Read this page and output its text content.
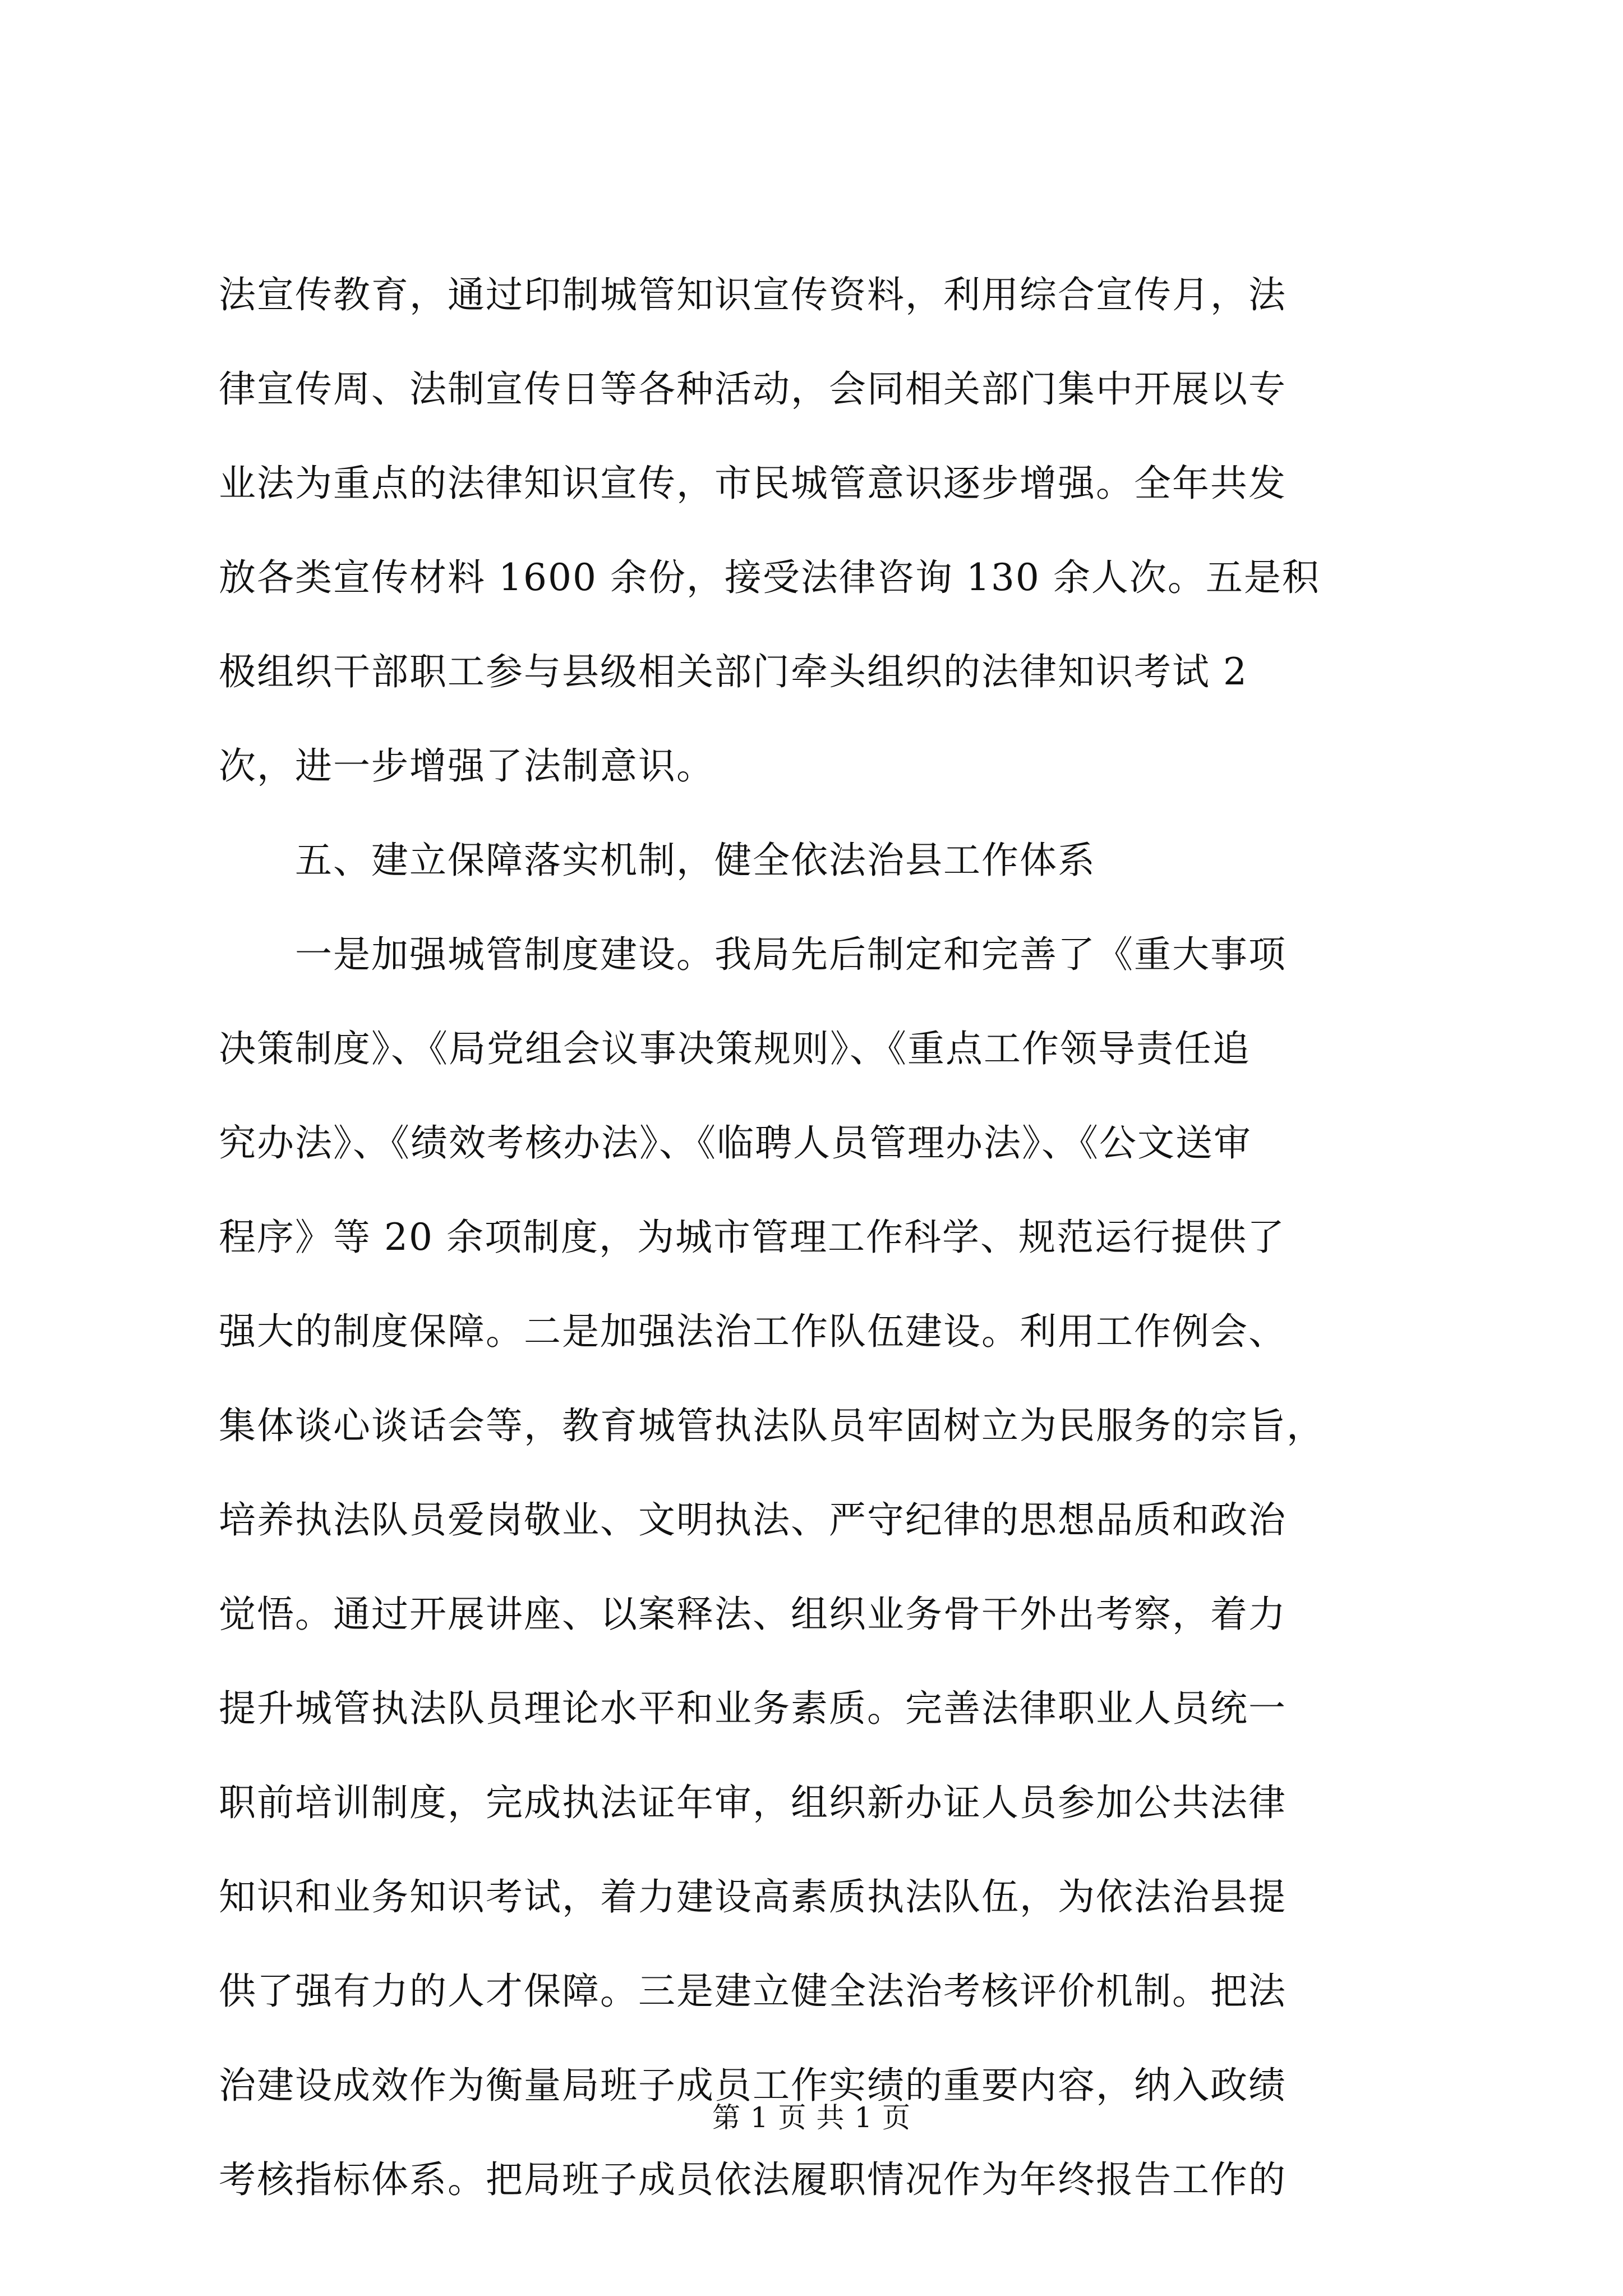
法宣传教育，通过印制城管知识宣传资料，利用综合宣传月，法
律宣传周、法制宣传日等各种活动，会同相关部门集中开展以专
业法为重点的法律知识宣传，市民城管意识逐步增强。全年共发
放各类宣传材料 1600 余份，接受法律咨询 130 余人次。五是积
极组织干部职工参与县级相关部门牵头组织的法律知识考试 2
次，进一步增强了法制意识。
　　五、建立保障落实机制，健全依法治县工作体系
　　一是加强城管制度建设。我局先后制定和完善了《重大事项
决策制度》、《局党组会议事决策规则》、《重点工作领导责任追
究办法》、《绩效考核办法》、《临聘人员管理办法》、《公文送审
程序》等 20 余项制度，为城市管理工作科学、规范运行提供了
强大的制度保障。二是加强法治工作队伍建设。利用工作例会、
集体谈心谈话会等，教育城管执法队员牢固树立为民服务的宗旨，
培养执法队员爱岗敬业、文明执法、严守纪律的思想品质和政治
觉悟。通过开展讲座、以案释法、组织业务骨干外出考察，着力
提升城管执法队员理论水平和业务素质。完善法律职业人员统一
职前培训制度，完成执法证年审，组织新办证人员参加公共法律
知识和业务知识考试，着力建设高素质执法队伍，为依法治县提
供了强有力的人才保障。三是建立健全法治考核评价机制。把法
治建设成效作为衡量局班子成员工作实绩的重要内容，纳入政绩
考核指标体系。把局班子成员依法履职情况作为年终报告工作的
第 1 页 共 1 页
